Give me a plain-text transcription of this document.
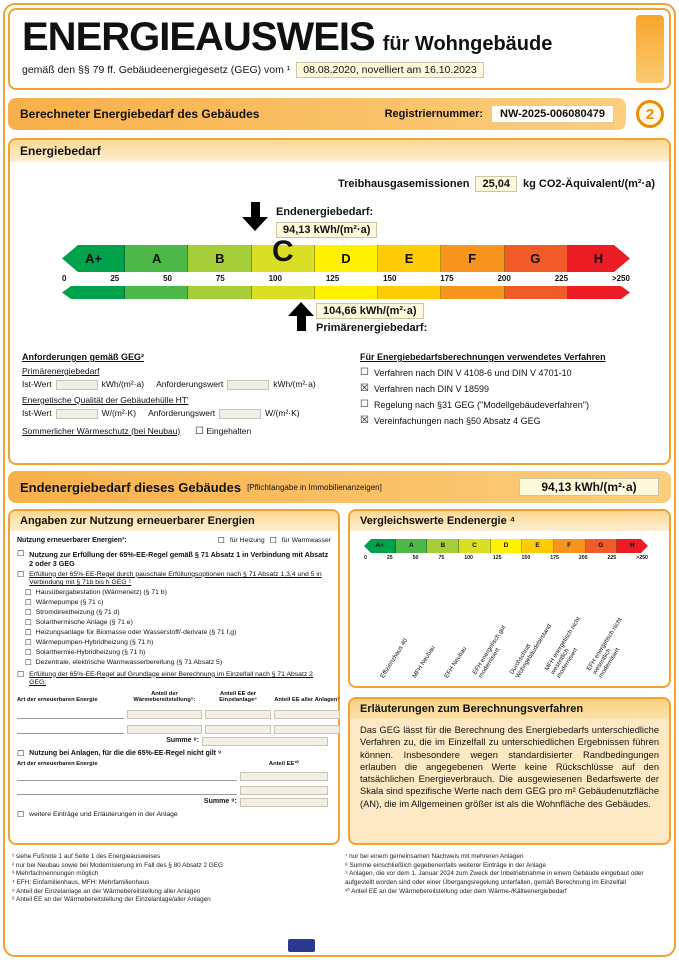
ENERGIEAUSWEIS für Wohngebäude
gemäß den §§ 79 ff. Gebäudeenergiegesetz (GEG) vom ¹	08.08.2020, novelliert am 16.10.2023
Berechneter Energiebedarf des Gebäudes	Registriernummer:	NW-2025-006080479	2
Energiebedarf
Treibhausgasemissionen	25,04	kg CO2-Äquivalent/(m²·a)
Endenergiebedarf:
94,13 kWh/(m²·a)
A+	A	B	C	D	E	F	G	H
0	25	50	75	100	125	150	175	200	225	>250
104,66 kWh/(m²·a)
Primärenergiebedarf:
Anforderungen gemäß GEG²
Primärenergiebedarf
Ist-Wert	kWh/(m²·a) Anforderungswert	kWh/(m²·a)
Energetische Qualität der Gebäudehülle HT'
Ist-Wert	W/(m²·K) Anforderungswert	W/(m²·K)
Sommerlicher Wärmeschutz (bei Neubau) ☐ Eingehalten
Für Energiebedarfsberechnungen verwendetes Verfahren
☐ Verfahren nach DIN V 4108-6 und DIN V 4701-10
☒ Verfahren nach DIN V 18599
☐ Regelung nach §31 GEG ("Modellgebäudeverfahren")
☒ Vereinfachungen nach §50 Absatz 4 GEG
Endenergiebedarf dieses Gebäudes [Pflichtangabe in Immobilienanzeigen]	94,13 kWh/(m²·a)
Angaben zur Nutzung erneuerbarer Energien
Nutzung erneuerbarer Energien³:	☐ für Heizung ☐ für Warmwasser
☐ Nutzung zur Erfüllung der 65%-EE-Regel gemäß § 71 Absatz 1 in Verbindung mit Absatz 2 oder 3 GEG
☐ Erfüllung der 65%-EE-Regel durch pauschale Erfüllungsoptionen nach § 71 Absatz 1,3,4 und 5 in Verbindung mit § 71b bis h GEG ⁵
☐ Hausübergabestation (Wärmenetz) (§ 71 b)
☐ Wärmepumpe (§ 71 c)
☐ Stromdirektheizung (§ 71 d)
☐ Solarthermische Anlage (§ 71 e)
☐ Heizungsanlage für Biomasse oder Wasserstoff/-derivate (§ 71 f,g)
☐ Wärmepumpen-Hybridheizung (§ 71 h)
☐ Solarthermie-Hybridheizung (§ 71 h)
☐ Dezentrale, elektrische Warmwasserbereitung (§ 71 Absatz 5)
☐ Erfüllung der 65%-EE-Regel auf Grundlage einer Berechnung im Einzelfall nach § 71 Absatz 2 GEG:
Art der erneuerbaren Energie
Anteil der Wärmebereitstellung⁵:
Anteil EE der Einzelanlage⁶	Anteil EE aller Anlagen⁷
Summe ⁸:
☐ Nutzung bei Anlagen, für die die 65%-EE-Regel nicht gilt ⁹
Art der erneuerbaren Energie	Anteil EE¹⁰
Summe ⁸:
☐ weitere Einträge und Erläuterungen in der Anlage
Vergleichswerte Endenergie ⁴
A+	A	B	C	D	E	F	G	H
0	25	50	75	100	125	150	175	200	225	>250
Effizienzhaus 40 MFH Neubau	EFH Neubau EFH energetisch gut modernisiert	Durchschnitt Wohngebäudebestand
MFH energetisch nicht wesentlich modernisiert	EFH energetisch nicht wesentlich modernisiert
Erläuterungen zum Berechnungsverfahren
Das GEG lässt für die Berechnung des Energiebedarfs unterschiedliche Verfahren zu, die im Einzelfall zu unterschiedlichen Ergebnissen führen können. Insbesondere wegen standardisierter Randbedingungen erlauben die angegebenen Werte keine Rückschlüsse auf den tatsächlichen Energieverbrauch. Die ausgewiesenen Bedarfswerte der Skala sind spezifische Werte nach dem GEG pro m² Gebäudenutzfläche (AN), die im Allgemeinen größer ist als die Wohnfläche des Gebäudes.
¹ siehe Fußnote 1 auf Seite 1 des Energieausweises
² nur bei Neubau sowie bei Modernisierung im Fall des § 80 Absatz 2 GEG
³ Mehrfachnennungen möglich
⁴ EFH: Einfamilienhaus, MFH: Mehrfamilienhaus
⁵ Anteil der Einzelanlage an der Wärmebereitstellung aller Anlagen
⁶ Anteil EE an der Wärmebereitstellung der Einzelanlage/aller Anlagen
⁷ nur bei einem gemeinsamen Nachweis mit mehreren Anlagen
⁸ Summe einschließlich gegebenenfalls weiterer Einträge in der Anlage
⁹ Anlagen, die vor dem 1. Januar 2024 zum Zweck der Inbetriebnahme in einem Gebäude eingebaut oder aufgestellt worden sind oder einer Übergangsregelung unterfallen, gemäß Berechnung im Einzelfall
¹⁰ Anteil EE an der Wärmebereitstellung oder dem Wärme-/Kälteenergiebedarf
